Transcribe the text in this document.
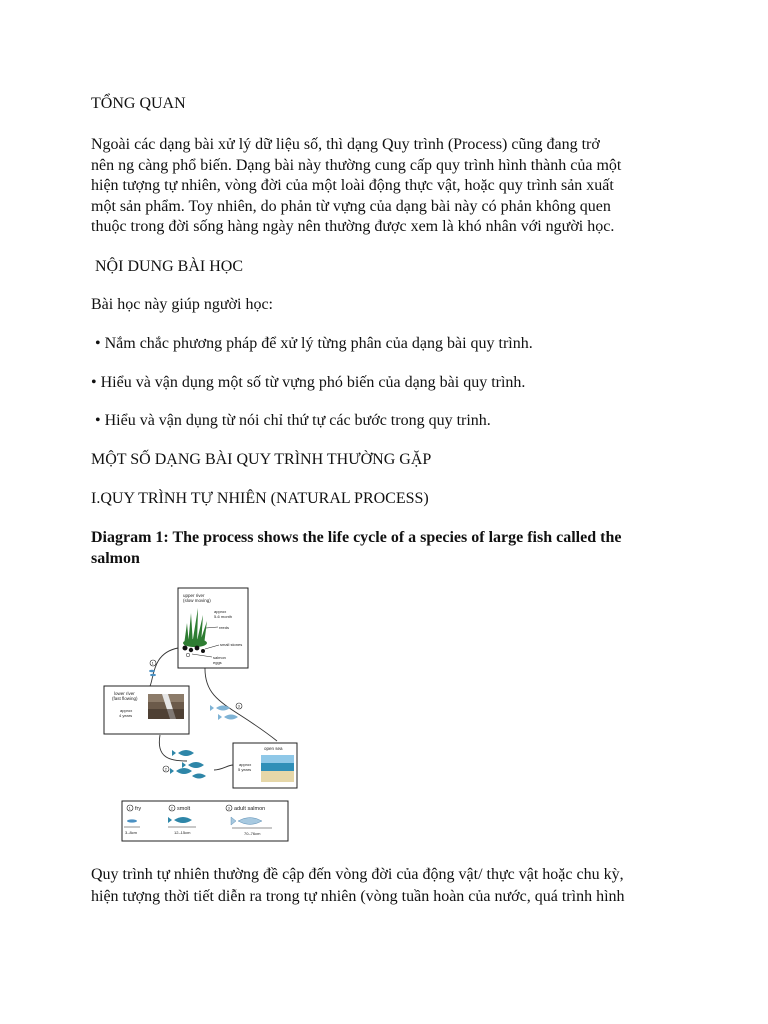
TỔNG QUAN

Ngoài các dạng bài xử lý dữ liệu số, thì dạng Quy trình (Process) cũng đang trở

nên ng càng phổ biến. Dạng bài này thường cung cấp quy trình hình thành của một

hiện tượng tự nhiên, vòng đời của một loài động thực vật, hoặc quy trình sản xuất

một sản phẩm. Toy nhiên, do phản từ vựng của dạng bài này có phản không quen

thuộc trong đời sống hàng ngày nên thường được xem là khó nhân với người học.

NỘI DUNG BÀI HỌC

Bài học này giúp người học:

• Nắm chắc phương pháp để xử lý từng phân của dạng bài quy trình.

• Hiểu và vận dụng một số từ vựng phó biến của dạng bài quy trình.

• Hiểu và vận dụng từ nói chỉ thứ tự các bước trong quy trinh.

MỘT SỐ DẠNG BÀI QUY TRÌNH THƯỜNG GẶP

I.QUY TRÌNH TỰ NHIÊN (NATURAL PROCESS)

Diagram 1: The process shows the life cycle of a species of large fish called the

salmon

upper river
(slow moving)
approx
5-6 month
reeds
small stones
salmon
eggs
1
lower river
(fast flowing)
approx
4 years
2
3
open sea
approx
5 years
1 fry
3–8cm
2 smolt
12–15cm
3 adult salmon
70–76cm

Quy trình tự nhiên thường đề cập đến vòng đời của động vật/ thực vật hoặc chu kỳ,

hiện tượng thời tiết diễn ra trong tự nhiên (vòng tuần hoàn của nước, quá trình hình
